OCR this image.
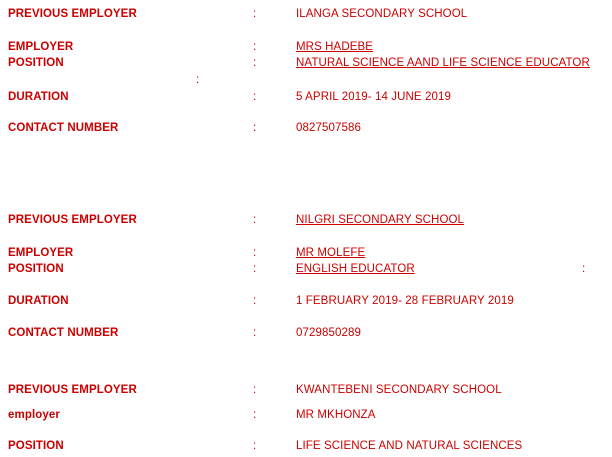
PREVIOUS EMPLOYER	:	ILANGA SECONDARY SCHOOL
EMPLOYER	:	MRS HADEBE
POSITION	:	NATURAL SCIENCE AAND LIFE SCIENCE EDUCATOR
DURATION	:	5 APRIL 2019- 14 JUNE 2019
CONTACT NUMBER	:	0827507586
PREVIOUS EMPLOYER	:	NILGRI SECONDARY SCHOOL
EMPLOYER	:	MR MOLEFE
POSITION	:	ENGLISH EDUCATOR
DURATION	:	1 FEBRUARY 2019- 28 FEBRUARY 2019
CONTACT NUMBER	:	0729850289
PREVIOUS EMPLOYER	:	KWANTEBENI SECONDARY SCHOOL
employer	:	MR MKHONZA
POSITION	:	LIFE SCIENCE AND NATURAL SCIENCES
:
:
